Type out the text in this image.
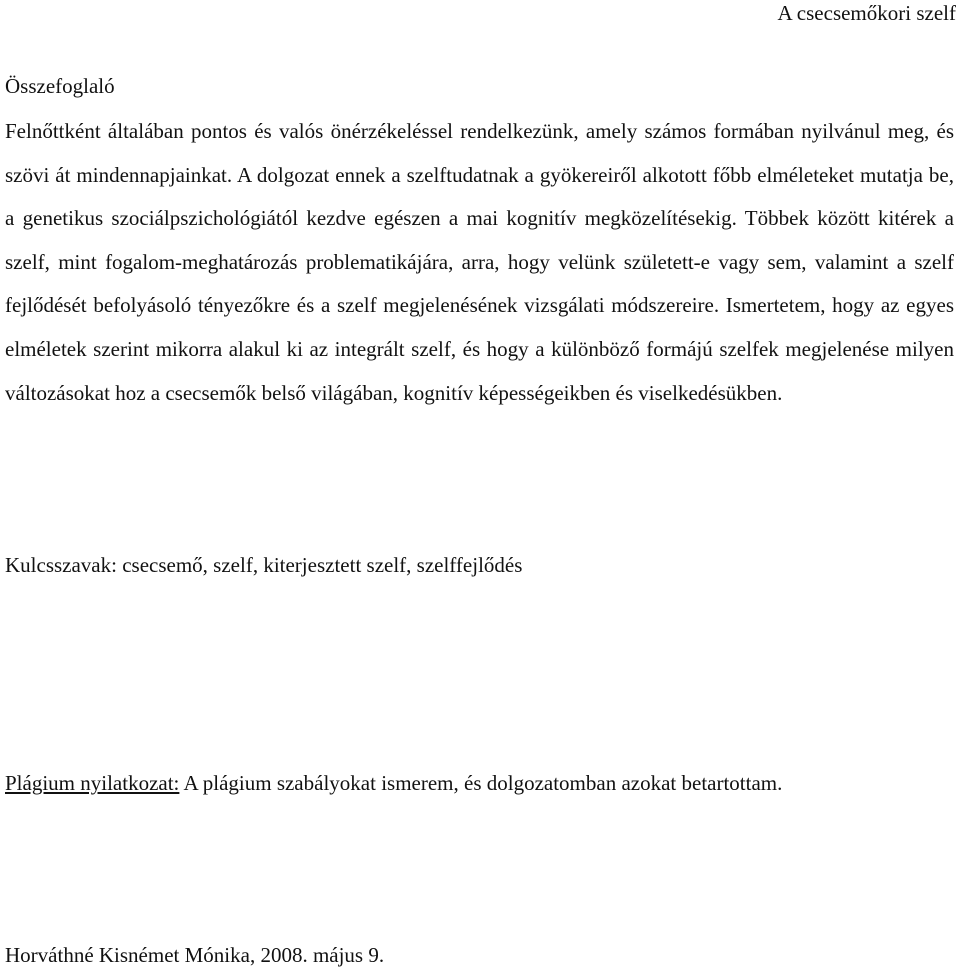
A csecsemőkori szelf
Összefoglaló

Felnőttként általában pontos és valós önérzékeléssel rendelkezünk, amely számos formában nyilvánul meg, és szövi át mindennapjainkat. A dolgozat ennek a szelftudatnak a gyökereiről alkotott főbb elméleteket mutatja be, a genetikus szociálpszichológiától kezdve egészen a mai kognitív megközelítésekig. Többek között kitérek a szelf, mint fogalom-meghatározás problematikájára, arra, hogy velünk született-e vagy sem, valamint a szelf fejlődését befolyásoló tényezőkre és a szelf megjelenésének vizsgálati módszereire. Ismertetem, hogy az egyes elméletek szerint mikorra alakul ki az integrált szelf, és hogy a különböző formájú szelfek megjelenése milyen változásokat hoz a csecsemők belső világában, kognitív képességeikben és viselkedésükben.

Kulcsszavak: csecsemő, szelf, kiterjesztett szelf, szelffejlődés
Plágium nyilatkozat: A plágium szabályokat ismerem, és dolgozatomban azokat betartottam.
Horváthné Kisnémet Mónika, 2008. május 9.
